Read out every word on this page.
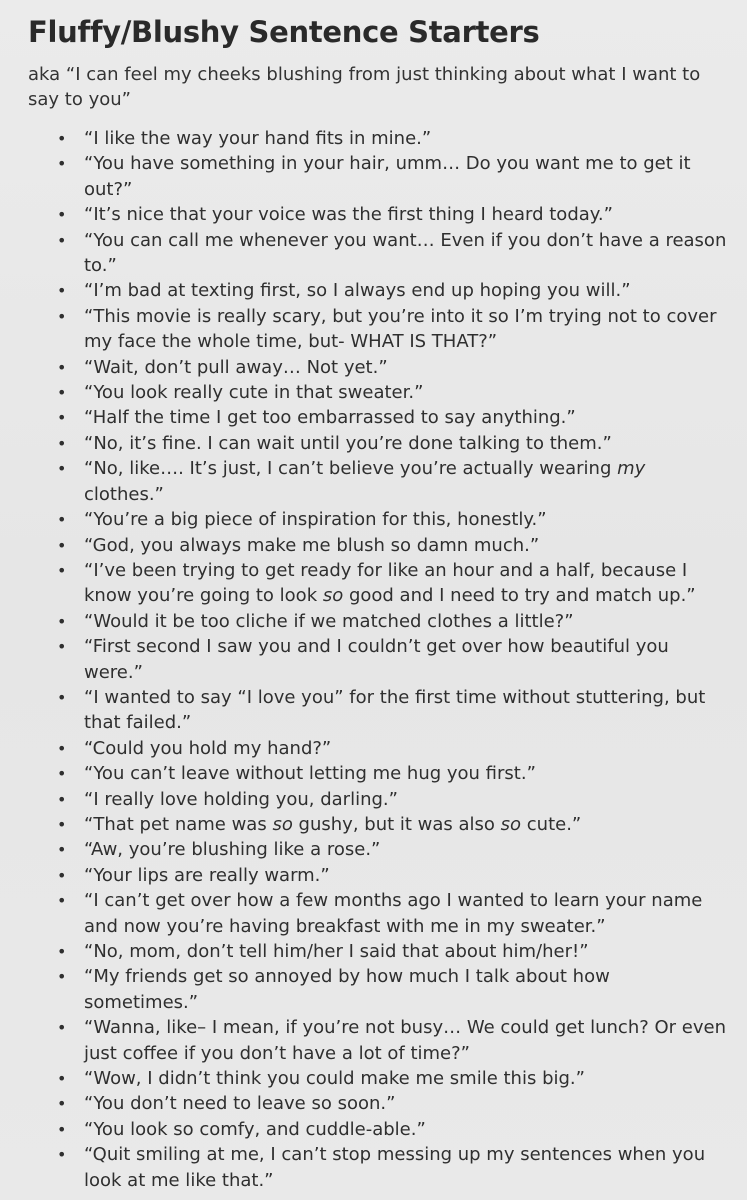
Fluffy/Blushy Sentence Starters
aka “I can feel my cheeks blushing from just thinking about what I want to say to you”
• “I like the way your hand fits in mine.”
• “You have something in your hair, umm… Do you want me to get it out?”
• “It’s nice that your voice was the first thing I heard today.”
• “You can call me whenever you want… Even if you don’t have a reason to.”
• “I’m bad at texting first, so I always end up hoping you will.”
• “This movie is really scary, but you’re into it so I’m trying not to cover my face the whole time, but- WHAT IS THAT?”
• “Wait, don’t pull away… Not yet.”
• “You look really cute in that sweater.”
• “Half the time I get too embarrassed to say anything.”
• “No, it’s fine. I can wait until you’re done talking to them.”
• “No, like…. It’s just, I can’t believe you’re actually wearing my clothes.”
• “You’re a big piece of inspiration for this, honestly.”
• “God, you always make me blush so damn much.”
• “I’ve been trying to get ready for like an hour and a half, because I know you’re going to look so good and I need to try and match up.”
• “Would it be too cliche if we matched clothes a little?”
• “First second I saw you and I couldn’t get over how beautiful you were.”
• “I wanted to say “I love you” for the first time without stuttering, but that failed.”
• “Could you hold my hand?”
• “You can’t leave without letting me hug you first.”
• “I really love holding you, darling.”
• “That pet name was so gushy, but it was also so cute.”
• “Aw, you’re blushing like a rose.”
• “Your lips are really warm.”
• “I can’t get over how a few months ago I wanted to learn your name and now you’re having breakfast with me in my sweater.”
• “No, mom, don’t tell him/her I said that about him/her!”
• “My friends get so annoyed by how much I talk about how sometimes.”
• “Wanna, like– I mean, if you’re not busy… We could get lunch? Or even just coffee if you don’t have a lot of time?”
• “Wow, I didn’t think you could make me smile this big.”
• “You don’t need to leave so soon.”
• “You look so comfy, and cuddle-able.”
• “Quit smiling at me, I can’t stop messing up my sentences when you look at me like that.”
